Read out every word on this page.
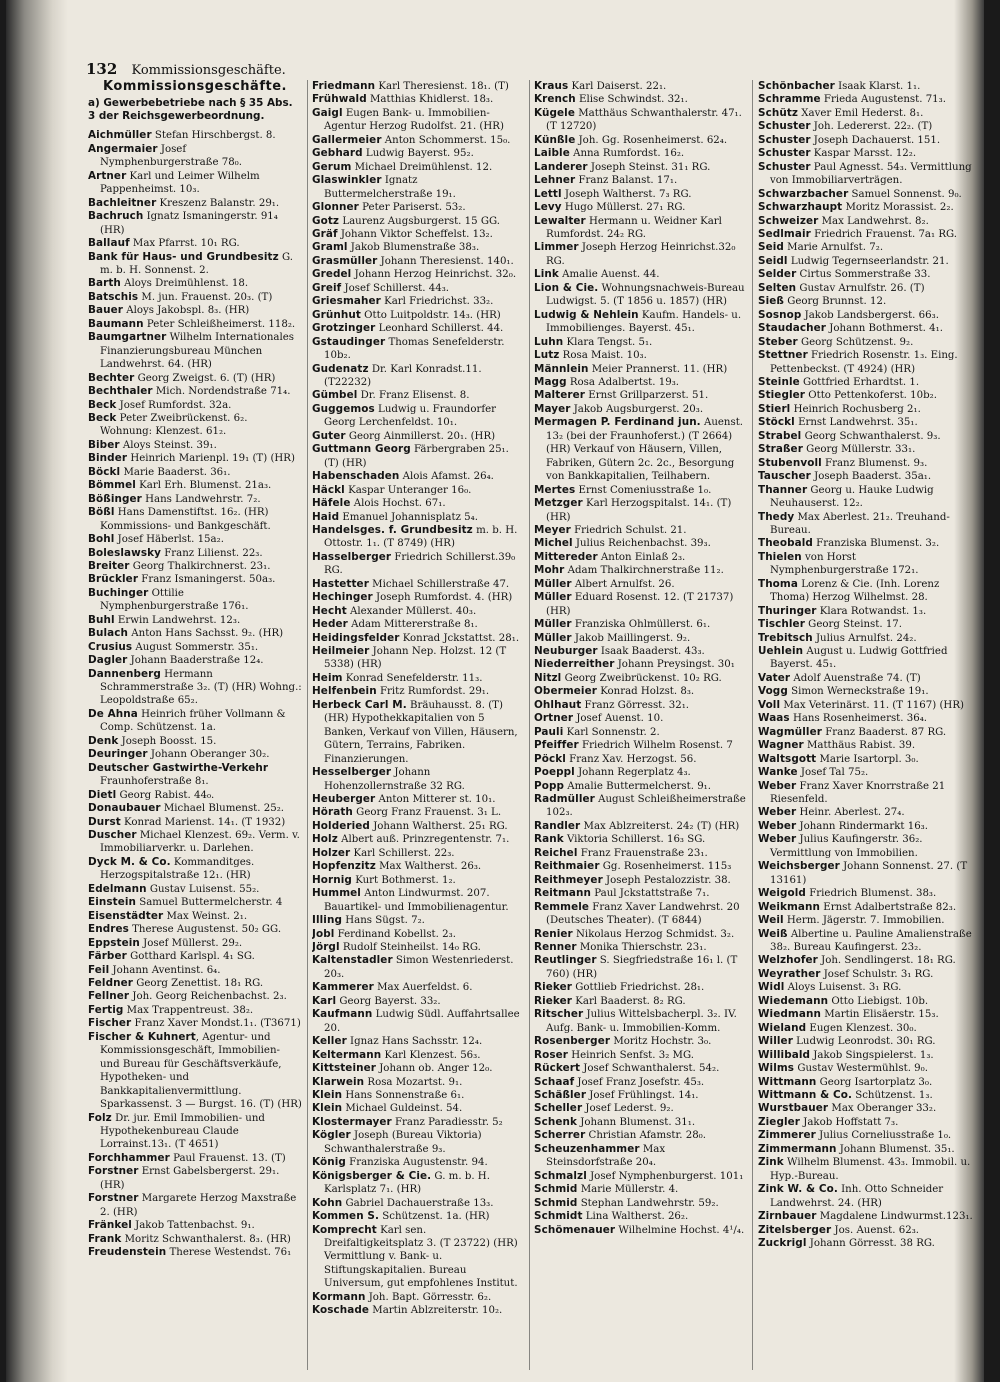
132 Kommissionsgeschäfte.
Kommissionsgeschäfte.
a) Gewerbebetriebe nach § 35 Abs. 3 der Reichsgewerbeordnung.

Aichmüller Stefan Hirschbergst. 8.

Angermaier Josef Nymphenburgerstraße 78₀.

Artner Karl und Leimer Wilhelm Pappenheimst. 10₃.

Bachleitner Kreszenz Balanstr. 29₁.

Bachruch Ignatz Ismaningerstr. 91₄ (HR)

Ballauf Max Pfarrst. 10₁ RG.

Bank für Haus- und Grundbesitz G. m. b. H. Sonnenst. 2.

Barth Aloys Dreimühlenst. 18.

Batschis M. jun. Frauenst. 20₃. (T)

Bauer Aloys Jakobspl. 8₃. (HR)

Baumann Peter Schleißheimerst. 118₂.

Baumgartner Wilhelm Internationales Finanzierungsbureau München Landwehrst. 64. (HR)

Bechter Georg Zweigst. 6. (T) (HR)

Bechthaler Mich. Nordendstraße 71₄.

Beck Josef Rumfordst. 32a.

Beck Peter Zweibrückenst. 6₂. Wohnung: Klenzest. 61₂.

Biber Aloys Steinst. 39₁.

Binder Heinrich Marienpl. 19₁ (T) (HR)

Böckl Marie Baaderst. 36₁.

Bömmel Karl Erh. Blumenst. 21a₃.

Bößinger Hans Landwehrstr. 7₂.

Bößl Hans Damenstiftst. 16₂. (HR) Kommissions- und Bankgeschäft.

Bohl Josef Häberlst. 15a₂.

Boleslawsky Franz Lilienst. 22₃.

Breiter Georg Thalkirchnerst. 23₁.

Brückler Franz Ismaningerst. 50a₃.

Buchinger Ottilie Nymphenburgerstraße 176₁.

Buhl Erwin Landwehrst. 12₃.

Bulach Anton Hans Sachsst. 9₂. (HR)

Crusius August Sommerstr. 35₁.

Dagler Johann Baaderstraße 12₄.

Dannenberg Hermann Schrammerstraße 3₂. (T) (HR) Wohng.: Leopoldstraße 65₂.

De Ahna Heinrich früher Vollmann & Comp. Schützenst. 1a.

Denk Joseph Boosst. 15.

Deuringer Johann Oberanger 30₂.

Deutscher Gastwirthe-Verkehr Fraunhoferstraße 8₁.

Dietl Georg Rabist. 44₀.

Donaubauer Michael Blumenst. 25₂.

Durst Konrad Marienst. 14₁. (T 1932)

Duscher Michael Klenzest. 69₂. Verm. v. Immobiliarverkr. u. Darlehen.

Dyck M. & Co. Kommanditges. Herzogspitalstraße 12₁. (HR)

Edelmann Gustav Luisenst. 55₂.

Einstein Samuel Buttermelcherstr. 4

Eisenstädter Max Weinst. 2₁.

Endres Therese Augustenst. 50₂ GG.

Eppstein Josef Müllerst. 29₂.

Färber Gotthard Karlspl. 4₁ SG.

Feil Johann Aventinst. 6₄.

Feldner Georg Zenettist. 18₁ RG.

Fellner Joh. Georg Reichenbachst. 2₃.

Fertig Max Trappentreust. 38₂.

Fischer Franz Xaver Mondst.1₁. (T3671)

Fischer & Kuhnert, Agentur- und Kommissionsgeschäft, Immobilien- und Bureau für Geschäftsverkäufe, Hypotheken- und Bankkapitalienvermittlung. Sparkassenst. 3 — Burgst. 16. (T) (HR)

Folz Dr. jur. Emil Immobilien- und Hypothekenbureau Claude Lorrainst.13₁. (T 4651)

Forchhammer Paul Frauenst. 13. (T)

Forstner Ernst Gabelsbergerst. 29₁. (HR)

Forstner Margarete Herzog Maxstraße 2. (HR)

Fränkel Jakob Tattenbachst. 9₁.

Frank Moritz Schwanthalerst. 8₃. (HR)

Freudenstein Therese Westendst. 76₁

Friedmann Karl Theresienst. 18₁. (T)

Frühwald Matthias Khidlerst. 18₃.

Gaigl Eugen Bank- u. Immobilien-Agentur Herzog Rudolfst. 21. (HR)

Gallermeier Anton Schommerst. 15₀.

Gebhard Ludwig Bayerst. 95₂.

Gerum Michael Dreimühlenst. 12.

Glaswinkler Ignatz Buttermelcherstraße 19₁.

Glonner Peter Pariserst. 53₂.

Gotz Laurenz Augsburgerst. 15 GG.

Gräf Johann Viktor Scheffelst. 13₂.

Graml Jakob Blumenstraße 38₃.

Grasmüller Johann Theresienst. 140₁.

Gredel Johann Herzog Heinrichst. 32₀.

Greif Josef Schillerst. 44₃.

Griesmaher Karl Friedrichst. 33₂.

Grünhut Otto Luitpoldstr. 14₃. (HR)

Grotzinger Leonhard Schillerst. 44.

Gstaudinger Thomas Senefelderstr. 10b₂.

Gudenatz Dr. Karl Konradst.11.(T22232)

Gümbel Dr. Franz Elisenst. 8.

Guggemos Ludwig u. Fraundorfer Georg Lerchenfeldst. 10₁.

Guter Georg Ainmillerst. 20₁. (HR)

Guttmann Georg Färbergraben 25₁. (T) (HR)

Habenschaden Alois Afamst. 26₄.

Häckl Kaspar Unteranger 16₀.

Häfele Alois Hochst. 67₁.

Haid Emanuel Johannisplatz 5₄.

Handelsges. f. Grundbesitz m. b. H. Ottostr. 1₁. (T 8749) (HR)

Hasselberger Friedrich Schillerst.39₀ RG.

Hastetter Michael Schillerstraße 47.

Hechinger Joseph Rumfordst. 4. (HR)

Hecht Alexander Müllerst. 40₃.

Heder Adam Mittererstraße 8₁.

Heidingsfelder Konrad Jckstattst. 28₁.

Heilmeier Johann Nep. Holzst. 12 (T 5338) (HR)

Heim Konrad Senefelderstr. 11₃.

Helfenbein Fritz Rumfordst. 29₁.

Herbeck Carl M. Bräuhausst. 8. (T) (HR) Hypothekkapitalien von 5 Banken, Verkauf von Villen, Häusern, Gütern, Terrains, Fabriken. Finanzierungen.

Hesselberger Johann Hohenzollernstraße 32 RG.

Heuberger Anton Mitterer st. 10₁.

Hörath Georg Franz Frauenst. 3₁ L.

Holderied Johann Waltherst. 25₁ RG.

Holz Albert auß. Prinzregentenstr. 7₁.

Holzer Karl Schillerst. 22₃.

Hopfenzitz Max Waltherst. 26₃.

Hornig Kurt Bothmerst. 1₂.

Hummel Anton Lindwurmst. 207. Bauartikel- und Immobilienagentur.

Illing Hans Sügst. 7₂.

Jobl Ferdinand Kobellst. 2₃.

Jörgl Rudolf Steinheilst. 14₀ RG.

Kaltenstadler Simon Westenriederst. 20₃.

Kammerer Max Auerfeldst. 6.

Karl Georg Bayerst. 33₂.

Kaufmann Ludwig Südl. Auffahrtsallee 20.

Keller Ignaz Hans Sachsstr. 12₄.

Keltermann Karl Klenzest. 56₃.

Kittsteiner Johann ob. Anger 12₀.

Klarwein Rosa Mozartst. 9₁.

Klein Hans Sonnenstraße 6₁.

Klein Michael Guldeinst. 54.

Klostermayer Franz Paradiesstr. 5₂

Kögler Joseph (Bureau Viktoria) Schwanthalerstraße 9₃.

König Franziska Augustenstr. 94.

Königsberger & Cie. G. m. b. H. Karlsplatz 7₁. (HR)

Kohn Gabriel Dachauerstraße 13₃.

Kommen S. Schützenst. 1a. (HR)

Komprecht Karl sen. Dreifaltigkeitsplatz 3. (T 23722) (HR) Vermittlung v. Bank- u. Stiftungskapitalien. Bureau Universum, gut empfohlenes Institut.

Kormann Joh. Bapt. Görresstr. 6₂.

Koschade Martin Ablzreiterstr. 10₂.

Kraus Karl Daiserst. 22₁.

Krench Elise Schwindst. 32₁.

Kügele Matthäus Schwanthalerstr. 47₁. (T 12720)

Künßle Joh. Gg. Rosenheimerst. 62₄.

Laible Anna Rumfordst. 16₂.

Landerer Joseph Steinst. 31₁ RG.

Lehner Franz Balanst. 17₁.

Lettl Joseph Waltherst. 7₃ RG.

Levy Hugo Müllerst. 27₁ RG.

Lewalter Hermann u. Weidner Karl Rumfordst. 24₂ RG.

Limmer Joseph Herzog Heinrichst.32₀ RG.

Link Amalie Auenst. 44.

Lion & Cie. Wohnungsnachweis-Bureau Ludwigst. 5. (T 1856 u. 1857) (HR)

Ludwig & Nehlein Kaufm. Handels- u. Immobilienges. Bayerst. 45₁.

Luhn Klara Tengst. 5₁.

Lutz Rosa Maist. 10₃.

Männlein Meier Prannerst. 11. (HR)

Magg Rosa Adalbertst. 19₃.

Malterer Ernst Grillparzerst. 51.

Mayer Jakob Augsburgerst. 20₃.

Mermagen P. Ferdinand jun. Auenst. 13₂ (bei der Fraunhoferst.) (T 2664) (HR) Verkauf von Häusern, Villen, Fabriken, Gütern 2c. 2c., Besorgung von Bankkapitalien, Teilhabern.

Mertes Ernst Comeniusstraße 1₀.

Metzger Karl Herzogspitalst. 14₁. (T) (HR)

Meyer Friedrich Schulst. 21.

Michel Julius Reichenbachst. 39₃.

Mittereder Anton Einlaß 2₃.

Mohr Adam Thalkirchnerstraße 11₂.

Müller Albert Arnulfst. 26.

Müller Eduard Rosenst. 12. (T 21737) (HR)

Müller Franziska Ohlmüllerst. 6₁.

Müller Jakob Maillingerst. 9₂.

Neuburger Isaak Baaderst. 43₃.

Niederreither Johann Preysingst. 30₁

Nitzl Georg Zweibrückenst. 10₂ RG.

Obermeier Konrad Holzst. 8₃.

Ohlhaut Franz Görresst. 32₁.

Ortner Josef Auenst. 10.

Pauli Karl Sonnenstr. 2.

Pfeiffer Friedrich Wilhelm Rosenst. 7

Pöckl Franz Xav. Herzogst. 56.

Poeppl Johann Regerplatz 4₃.

Popp Amalie Buttermelcherst. 9₁.

Radmüller August Schleißheimerstraße 102₃.

Randler Max Ablzreiterst. 24₂ (T) (HR)

Rank Viktoria Schillerst. 16₃ SG.

Reichel Franz Frauenstraße 23₁.

Reithmaier Gg. Rosenheimerst. 115₃

Reithmeyer Joseph Pestalozzistr. 38.

Reitmann Paul Jckstattstraße 7₁.

Remmele Franz Xaver Landwehrst. 20 (Deutsches Theater). (T 6844)

Renier Nikolaus Herzog Schmidst. 3₂.

Renner Monika Thierschstr. 23₁.

Reutlinger S. Siegfriedstraße 16₁ l. (T 760) (HR)

Rieker Gottlieb Friedrichst. 28₁.

Rieker Karl Baaderst. 8₂ RG.

Ritscher Julius Wittelsbacherpl. 3₂. IV. Aufg. Bank- u. Immobilien-Komm.

Rosenberger Moritz Hochstr. 3₀.

Roser Heinrich Senfst. 3₂ MG.

Rückert Josef Schwanthalerst. 54₂.

Schaaf Josef Franz Josefstr. 45₃.

Schäßler Josef Frühlingst. 14₁.

Scheller Josef Lederst. 9₂.

Schenk Johann Blumenst. 31₁.

Scherrer Christian Afamstr. 28₀.

Scheuzenhammer Max Steinsdorfstraße 20₄.

Schmalzl Josef Nymphenburgerst. 101₁

Schmid Marie Müllerstr. 4.

Schmid Stephan Landwehrstr. 59₂.

Schmidt Lina Waltherst. 26₂.

Schömenauer Wilhelmine Hochst. 4¹/₄.

Schönbacher Isaak Klarst. 1₁.

Schramme Frieda Augustenst. 71₃.

Schütz Xaver Emil Hederst. 8₁.

Schuster Joh. Ledererst. 22₂. (T)

Schuster Joseph Dachauerst. 151.

Schuster Kaspar Marsst. 12₂.

Schuster Paul Agnesst. 54₃. Vermittlung von Immobiliarverträgen.

Schwarzbacher Samuel Sonnenst. 9₀.

Schwarzhaupt Moritz Morassist. 2₂.

Schweizer Max Landwehrst. 8₂.

Sedlmair Friedrich Frauenst. 7a₁ RG.

Seid Marie Arnulfst. 7₂.

Seidl Ludwig Tegernseerlandstr. 21.

Selder Cirtus Sommerstraße 33.

Selten Gustav Arnulfstr. 26. (T)

Sieß Georg Brunnst. 12.

Sosnop Jakob Landsbergerst. 66₃.

Staudacher Johann Bothmerst. 4₁.

Steber Georg Schützenst. 9₂.

Stettner Friedrich Rosenstr. 1₃. Eing. Pettenbeckst. (T 4924) (HR)

Steinle Gottfried Erhardtst. 1.

Stiegler Otto Pettenkoferst. 10b₂.

Stierl Heinrich Rochusberg 2₁.

Stöckl Ernst Landwehrst. 35₁.

Strabel Georg Schwanthalerst. 9₃.

Straßer Georg Müllerstr. 33₁.

Stubenvoll Franz Blumenst. 9₃.

Tauscher Joseph Baaderst. 35a₁.

Thanner Georg u. Hauke Ludwig Neuhauserst. 12₂.

Thedy Max Aberlest. 21₂. Treuhand-Bureau.

Theobald Franziska Blumenst. 3₂.

Thielen von Horst Nymphenburgerstraße 172₁.

Thoma Lorenz & Cie. (Inh. Lorenz Thoma) Herzog Wilhelmst. 28.

Thuringer Klara Rotwandst. 1₃.

Tischler Georg Steinst. 17.

Trebitsch Julius Arnulfst. 24₂.

Uehlein August u. Ludwig Gottfried Bayerst. 45₁.

Vater Adolf Auenstraße 74. (T)

Vogg Simon Werneckstraße 19₁.

Voll Max Veterinärst. 11. (T 1167) (HR)

Waas Hans Rosenheimerst. 36₄.

Wagmüller Franz Baaderst. 87 RG.

Wagner Matthäus Rabist. 39.

Waltsgott Marie Isartorpl. 3₀.

Wanke Josef Tal 75₂.

Weber Franz Xaver Knorrstraße 21 Riesenfeld.

Weber Heinr. Aberlest. 27₄.

Weber Johann Rindermarkt 16₃.

Weber Julius Kaufingerstr. 36₂. Vermittlung von Immobilien.

Weichsberger Johann Sonnenst. 27. (T 13161)

Weigold Friedrich Blumenst. 38₃.

Weikmann Ernst Adalbertstraße 82₃.

Weil Herm. Jägerstr. 7. Immobilien.

Weiß Albertine u. Pauline Amalienstraße 38₂. Bureau Kaufingerst. 23₂.

Welzhofer Joh. Sendlingerst. 18₁ RG.

Weyrather Josef Schulstr. 3₁ RG.

Widl Aloys Luisenst. 3₁ RG.

Wiedemann Otto Liebigst. 10b.

Wiedmann Martin Elisäerstr. 15₃.

Wieland Eugen Klenzest. 30₀.

Willer Ludwig Leonrodst. 30₁ RG.

Willibald Jakob Singspielerst. 1₃.

Wilms Gustav Westermühlst. 9₀.

Wittmann Georg Isartorplatz 3₀.

Wittmann & Co. Schützenst. 1₃.

Wurstbauer Max Oberanger 33₂.

Ziegler Jakob Hoffstatt 7₃.

Zimmerer Julius Corneliusstraße 1₀.

Zimmermann Johann Blumenst. 35₁.

Zink Wilhelm Blumenst. 43₃. Immobil. u. Hyp.-Bureau.

Zink W. & Co. Inh. Otto Schneider Landwehrst. 24. (HR)

Zirnbauer Magdalene Lindwurmst.123₁.

Zitelsberger Jos. Auenst. 62₃.

Zuckrigl Johann Görresst. 38 RG.
